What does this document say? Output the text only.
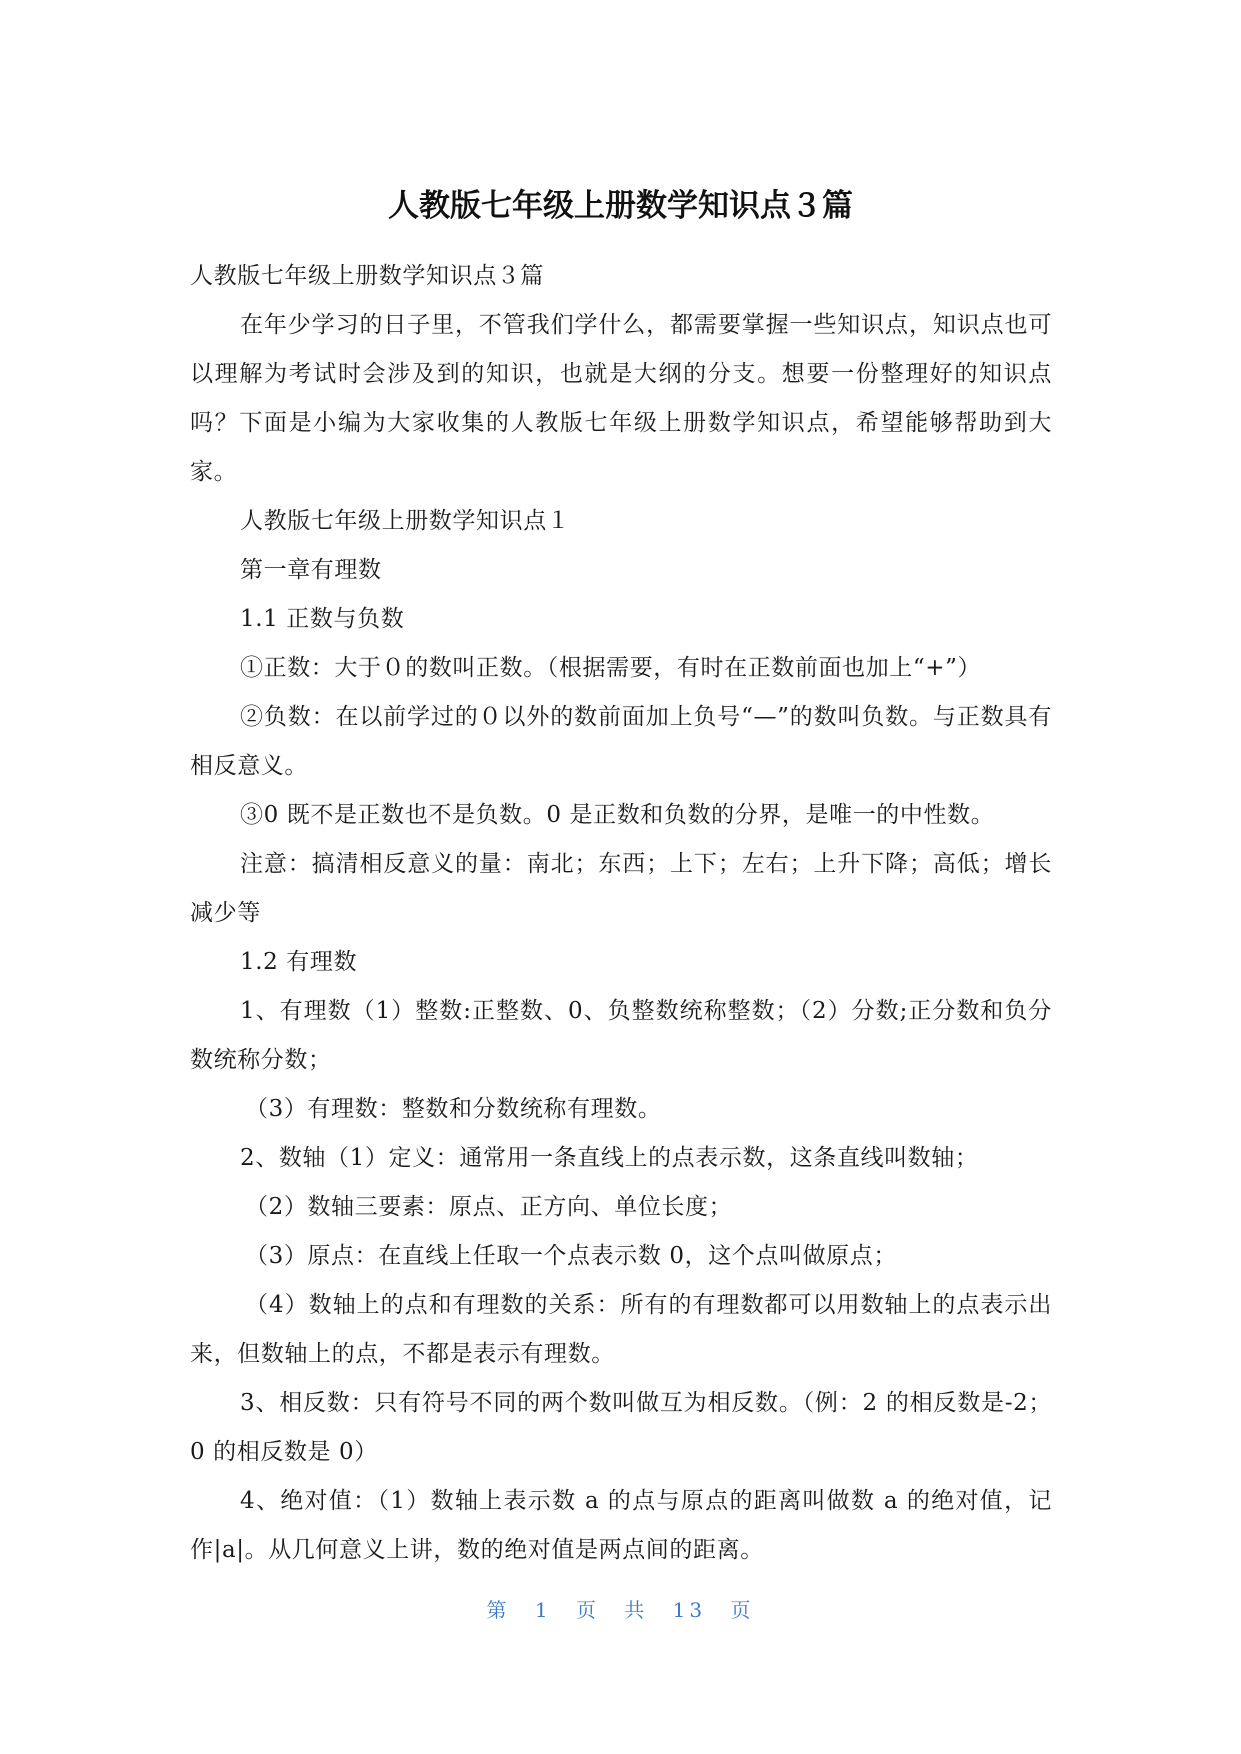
人教版七年级上册数学知识点３篇

人教版七年级上册数学知识点３篇

在年少学习的日子里，不管我们学什么，都需要掌握一些知识点，知识点也可以理解为考试时会涉及到的知识，也就是大纲的分支。想要一份整理好的知识点吗？下面是小编为大家收集的人教版七年级上册数学知识点，希望能够帮助到大家。

人教版七年级上册数学知识点１

第一章有理数

1.1 正数与负数

①正数：大于０的数叫正数。（根据需要，有时在正数前面也加上“+”）

②负数：在以前学过的０以外的数前面加上负号“—”的数叫负数。与正数具有相反意义。

③0 既不是正数也不是负数。0 是正数和负数的分界，是唯一的中性数。

注意：搞清相反意义的量：南北；东西；上下；左右；上升下降；高低；增长减少等

1.2 有理数

1、有理数（1）整数:正整数、0、负整数统称整数；（2）分数;正分数和负分数统称分数；

（3）有理数：整数和分数统称有理数。

2、数轴（1）定义：通常用一条直线上的点表示数，这条直线叫数轴；

（2）数轴三要素：原点、正方向、单位长度；

（3）原点：在直线上任取一个点表示数 0，这个点叫做原点；

（4）数轴上的点和有理数的关系：所有的有理数都可以用数轴上的点表示出来，但数轴上的点，不都是表示有理数。

3、相反数：只有符号不同的两个数叫做互为相反数。（例：2 的相反数是-2；0 的相反数是 0）

4、绝对值：（1）数轴上表示数 a 的点与原点的距离叫做数 a 的绝对值，记作|a|。从几何意义上讲，数的绝对值是两点间的距离。

第 1 页 共 13 页
